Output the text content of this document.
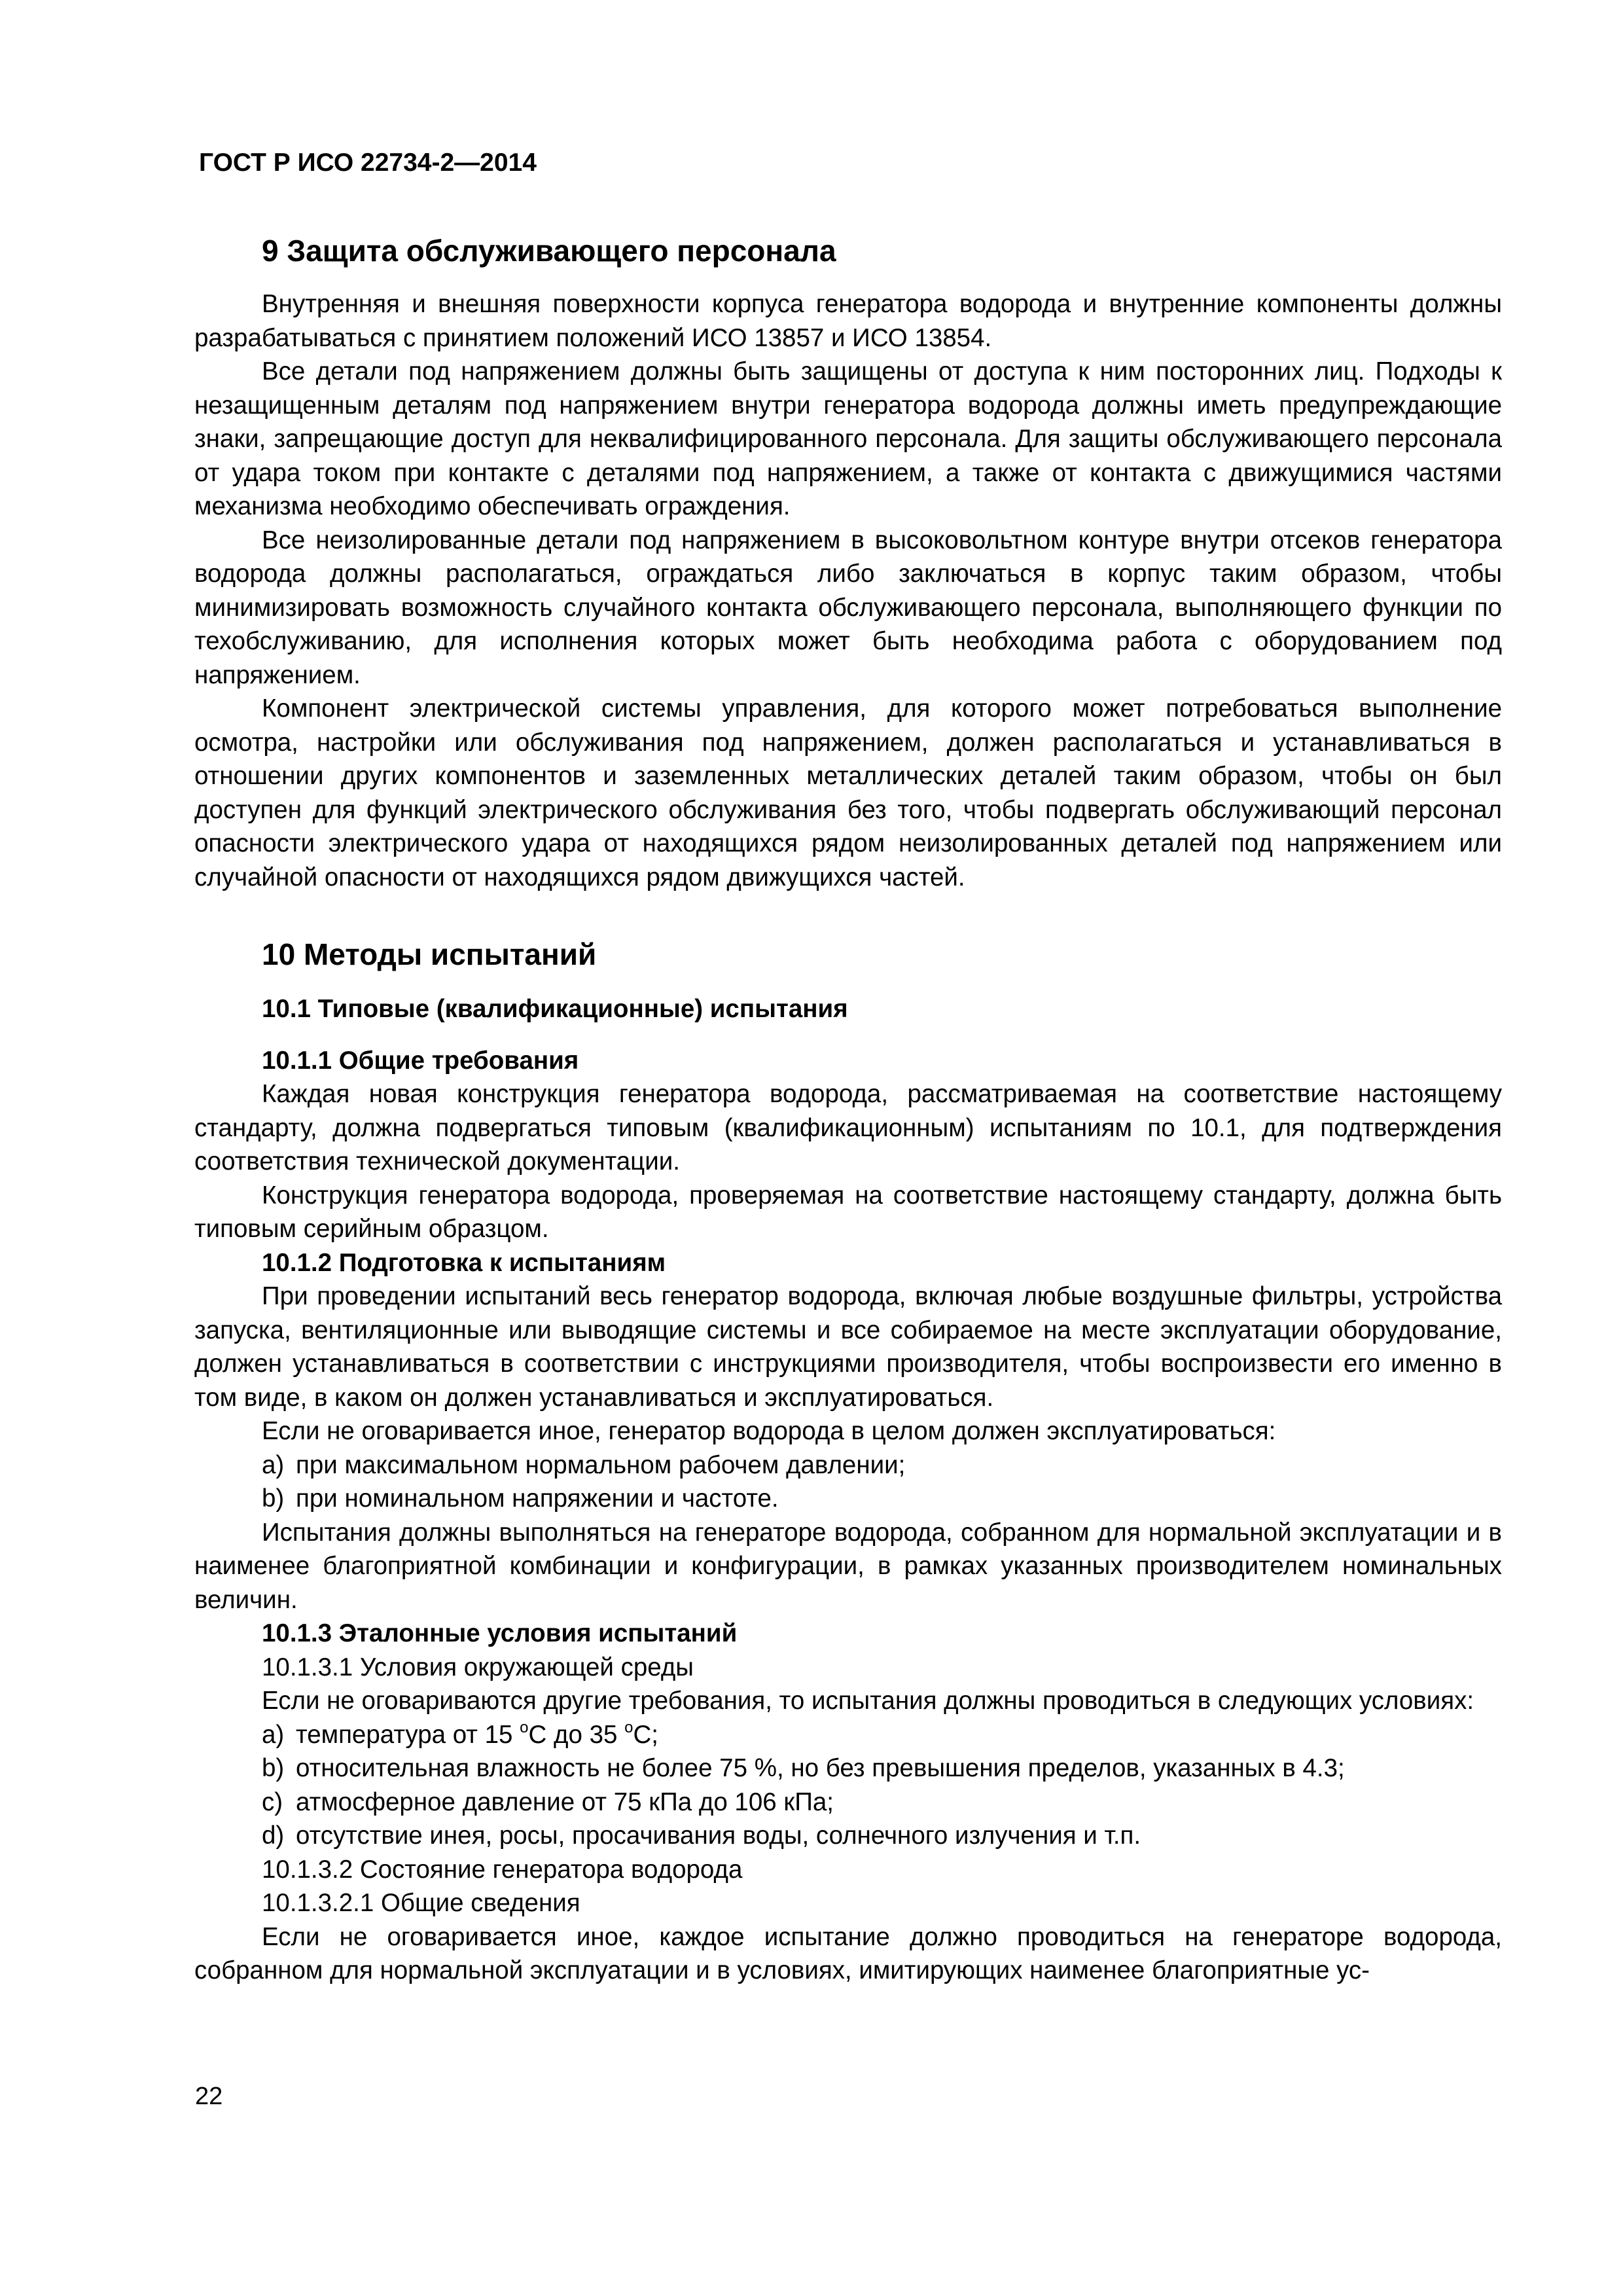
ГОСТ Р ИСО 22734-2—2014
9 Защита обслуживающего персонала

Внутренняя и внешняя поверхности корпуса генератора водорода и внутренние компоненты должны разрабатываться с принятием положений ИСО 13857 и ИСО 13854.

Все детали под напряжением должны быть защищены от доступа к ним посторонних лиц. Подходы к незащищенным деталям под напряжением внутри генератора водорода должны иметь предупреждающие знаки, запрещающие доступ для неквалифицированного персонала. Для защиты обслуживающего персонала от удара током при контакте с деталями под напряжением, а также от контакта с движущимися частями механизма необходимо обеспечивать ограждения.

Все неизолированные детали под напряжением в высоковольтном контуре внутри отсеков генератора водорода должны располагаться, ограждаться либо заключаться в корпус таким образом, чтобы минимизировать возможность случайного контакта обслуживающего персонала, выполняющего функции по техобслуживанию, для исполнения которых может быть необходима работа с оборудованием под напряжением.

Компонент электрической системы управления, для которого может потребоваться выполнение осмотра, настройки или обслуживания под напряжением, должен располагаться и устанавливаться в отношении других компонентов и заземленных металлических деталей таким образом, чтобы он был доступен для функций электрического обслуживания без того, чтобы подвергать обслуживающий персонал опасности электрического удара от находящихся рядом неизолированных деталей под напряжением или случайной опасности от находящихся рядом движущихся частей.

10 Методы испытаний
10.1 Типовые (квалификационные) испытания
10.1.1 Общие требования

Каждая новая конструкция генератора водорода, рассматриваемая на соответствие настоящему стандарту, должна подвергаться типовым (квалификационным) испытаниям по 10.1, для подтверждения соответствия технической документации.

Конструкция генератора водорода, проверяемая на соответствие настоящему стандарту, должна быть типовым серийным образцом.

10.1.2 Подготовка к испытаниям

При проведении испытаний весь генератор водорода, включая любые воздушные фильтры, устройства запуска, вентиляционные или выводящие системы и все собираемое на месте эксплуатации оборудование, должен устанавливаться в соответствии с инструкциями производителя, чтобы воспроизвести его именно в том виде, в каком он должен устанавливаться и эксплуатироваться.

Если не оговаривается иное, генератор водорода в целом должен эксплуатироваться:

a) при максимальном нормальном рабочем давлении;
b) при номинальном напряжении и частоте.

Испытания должны выполняться на генераторе водорода, собранном для нормальной эксплуатации и в наименее благоприятной комбинации и конфигурации, в рамках указанных производителем номинальных величин.

10.1.3 Эталонные условия испытаний
10.1.3.1 Условия окружающей среды

Если не оговариваются другие требования, то испытания должны проводиться в следующих условиях:

a) температура от 15 $^o$C до 35 $^o$C;
b) относительная влажность не более 75 %, но без превышения пределов, указанных в 4.3;
c) атмосферное давление от 75 кПа до 106 кПа;
d) отсутствие инея, росы, просачивания воды, солнечного излучения и т.п.
10.1.3.2 Состояние генератора водорода
10.1.3.2.1 Общие сведения

Если не оговаривается иное, каждое испытание должно проводиться на генераторе водорода, собранном для нормальной эксплуатации и в условиях, имитирующих наименее благоприятные ус-

22
